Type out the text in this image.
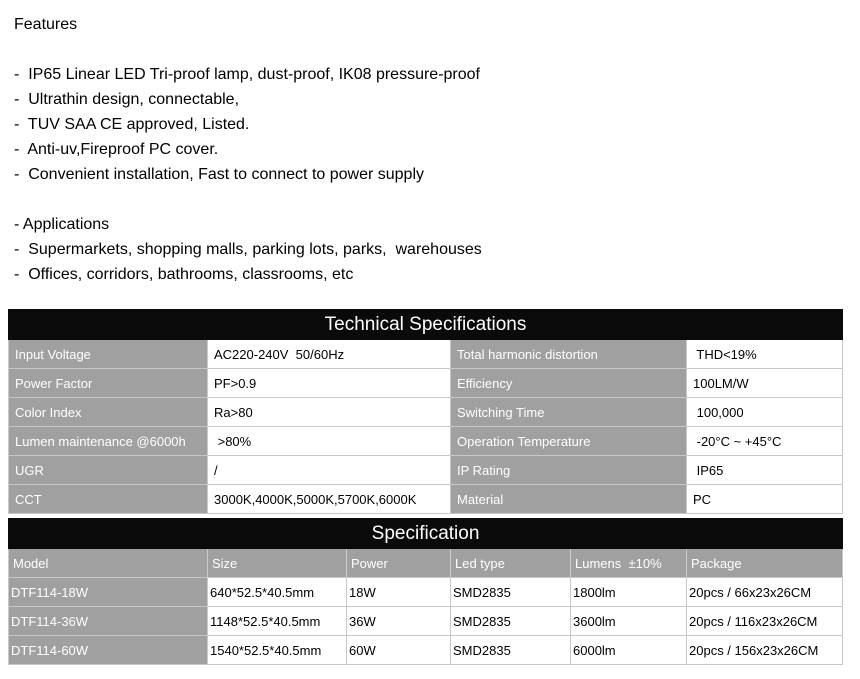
Features
-  IP65 Linear LED Tri-proof lamp, dust-proof, IK08 pressure-proof
-  Ultrathin design, connectable,
-  TUV SAA CE approved, Listed.
-  Anti-uv,Fireproof PC cover.
-  Convenient installation, Fast to connect to power supply
- Applications
-  Supermarkets, shopping malls, parking lots, parks,  warehouses
-  Offices, corridors, bathrooms, classrooms, etc
Technical Specifications			
Input Voltage	AC220-240V  50/60Hz	Total harmonic distortion	THD<19%
Power Factor	PF>0.9	Efficiency	100LM/W
Color Index	Ra>80	Switching Time	100,000
Lumen maintenance @6000h	>80%	Operation Temperature	-20°C ~ +45°C
UGR	/	IP Rating	IP65
CCT	3000K,4000K,5000K,5700K,6000K	Material	PC
Specification					
Model	Size	Power	Led type	Lumens  ±10%	Package
DTF114-18W	640*52.5*40.5mm	18W	SMD2835	1800lm	20pcs / 66x23x26CM
DTF114-36W	1148*52.5*40.5mm	36W	SMD2835	3600lm	20pcs / 116x23x26CM
DTF114-60W	1540*52.5*40.5mm	60W	SMD2835	6000lm	20pcs / 156x23x26CM
